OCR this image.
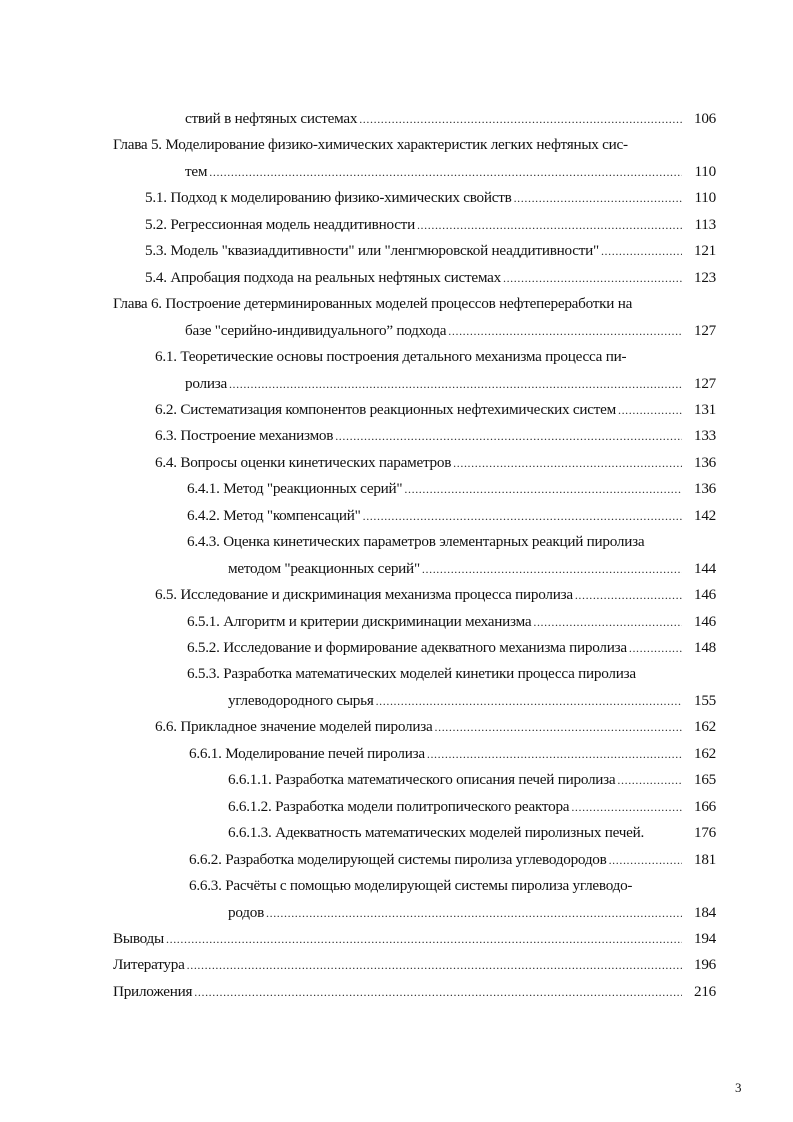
ствий в нефтяных системах .....	106
Глава 5. Моделирование физико-химических характеристик легких нефтяных сис-
тем .....	110
5.1. Подход к моделированию физико-химических свойств .....	110
5.2. Регрессионная модель неаддитивности .....	113
5.3. Модель "квазиаддитивности" или "ленгмюровской неаддитивности" .....	121
5.4. Апробация подхода на реальных нефтяных системах .....	123
Глава 6. Построение детерминированных моделей процессов нефтепереработки на
базе "серийно-индивидуального” подхода .....	127
6.1. Теоретические основы построения детального механизма процесса пи-
ролиза .....	127
6.2. Систематизация компонентов реакционных нефтехимических систем .....	131
6.3. Построение механизмов .....	133
6.4. Вопросы оценки кинетических параметров .....	136
6.4.1. Метод "реакционных серий" .....	136
6.4.2. Метод "компенсаций" .....	142
6.4.3. Оценка кинетических параметров элементарных реакций пиролиза
методом "реакционных серий" .....	144
6.5. Исследование и дискриминация механизма процесса пиролиза .....	146
6.5.1. Алгоритм и критерии дискриминации механизма .....	146
6.5.2. Исследование и формирование адекватного механизма пиролиза .....	148
6.5.3. Разработка математических моделей кинетики процесса пиролиза
углеводородного сырья .....	155
6.6. Прикладное значение моделей пиролиза .....	162
6.6.1. Моделирование печей пиролиза .....	162
6.6.1.1. Разработка математического описания печей пиролиза .....	165
6.6.1.2. Разработка модели политропического реактора .....	166
6.6.1.3. Адекватность математических моделей пиролизных печей.	176
6.6.2. Разработка моделирующей системы пиролиза углеводородов .....	181
6.6.3. Расчёты с помощью моделирующей системы пиролиза углеводо-
родов .....	184
Выводы .....	194
Литература .....	196
Приложения .....	216
3
